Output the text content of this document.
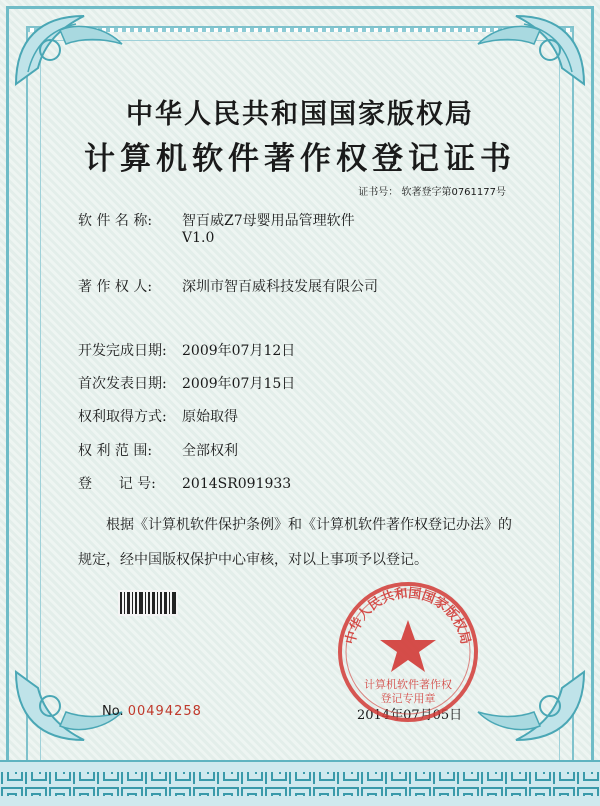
中华人民共和国国家版权局
计算机软件著作权登记证书
证书号： 软著登字第0761177号
软 件 名 称: 智百威Z7母婴用品管理软件
V1.0
著 作 权 人: 深圳市智百威科技发展有限公司
开发完成日期: 2009年07月12日
首次发表日期: 2009年07月15日
权利取得方式: 原始取得
权 利 范 围: 全部权利
登      记 号: 2014SR091933
根据《计算机软件保护条例》和《计算机软件著作权登记办法》的
规定，经中国版权保护中心审核，对以上事项予以登记。
No. 00494258	2014年07月05日
中华人民共和国国家版权局
计算机软件著作权
登记专用章
